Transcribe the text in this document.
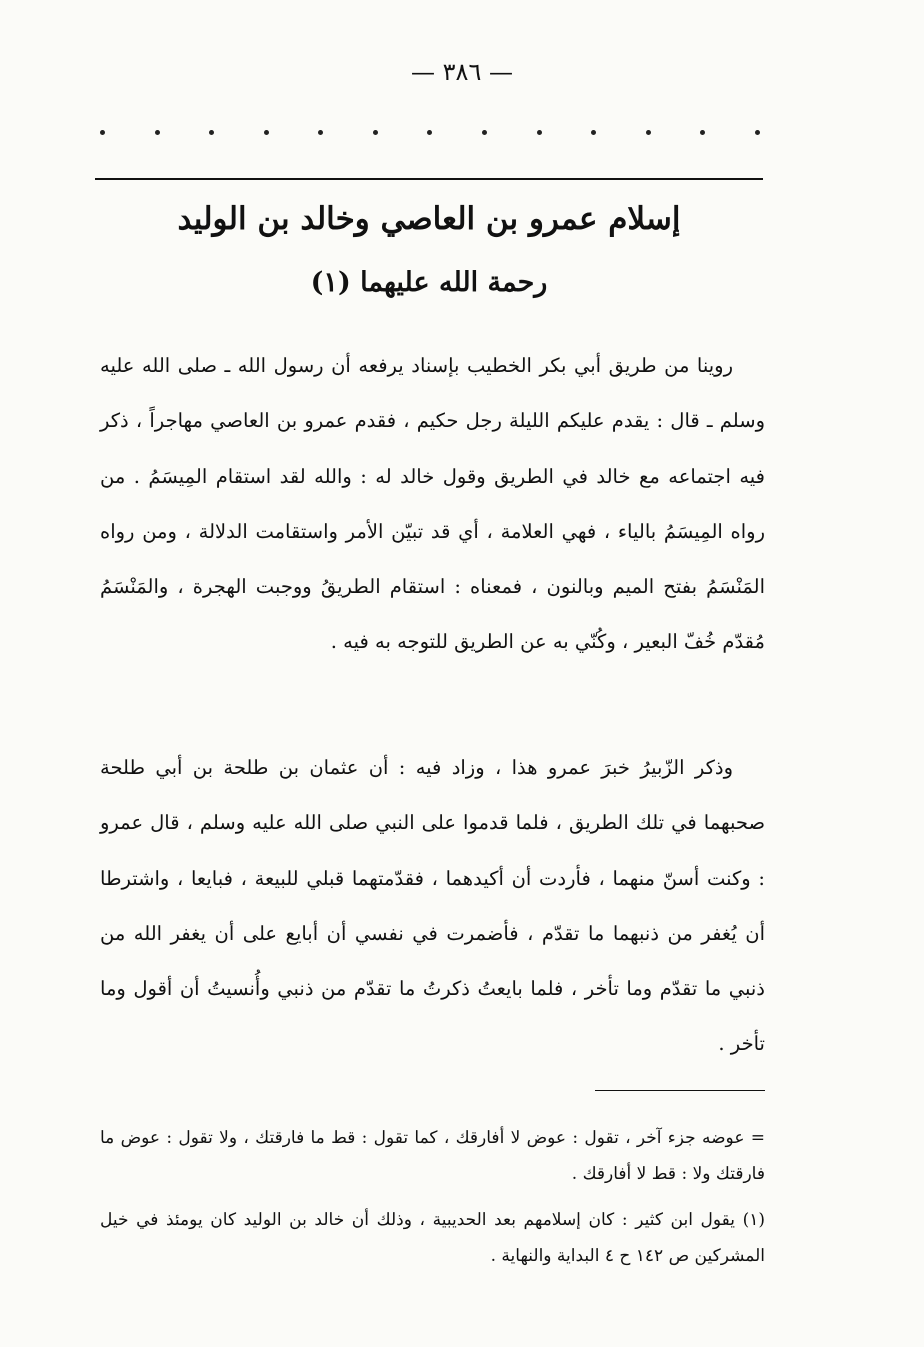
— ٣٨٦ —
إسلام عمرو بن العاصي وخالد بن الوليد
رحمة الله عليهما (١)

روينا من طريق أبي بكر الخطيب بإسناد يرفعه أن رسول الله ـ صلى الله عليه وسلم ـ قال : يقدم عليكم الليلة رجل حكيم ، فقدم عمرو بن العاصي مهاجراً ، ذكر فيه اجتماعه مع خالد في الطريق وقول خالد له : والله لقد استقام المِيسَمُ . من رواه المِيسَمُ بالياء ، فهي العلامة ، أي قد تبيّن الأمر واستقامت الدلالة ، ومن رواه المَنْسَمُ بفتح الميم وبالنون ، فمعناه : استقام الطريقُ ووجبت الهجرة ، والمَنْسَمُ مُقدّم خُفّ البعير ، وكُنّي به عن الطريق للتوجه به فيه .

وذكر الزّبيرُ خبرَ عمرو هذا ، وزاد فيه : أن عثمان بن طلحة بن أبي طلحة صحبهما في تلك الطريق ، فلما قدموا على النبي صلى الله عليه وسلم ، قال عمرو : وكنت أسنّ منهما ، فأردت أن أكيدهما ، فقدّمتهما قبلي للبيعة ، فبايعا ، واشترطا أن يُغفر من ذنبهما ما تقدّم ، فأضمرت في نفسي أن أبايع على أن يغفر الله من ذنبي ما تقدّم وما تأخر ، فلما بايعتُ ذكرتُ ما تقدّم من ذنبي وأُنسيتُ أن أقول وما تأخر .

= عوضه جزء آخر ، تقول : عوض لا أفارقك ، كما تقول : قط ما فارقتك ، ولا تقول : عوض ما فارقتك ولا : قط لا أفارقك .

(١) يقول ابن كثير : كان إسلامهم بعد الحديبية ، وذلك أن خالد بن الوليد كان يومئذ في خيل المشركين ص ١٤٢ ح ٤ البداية والنهاية .
